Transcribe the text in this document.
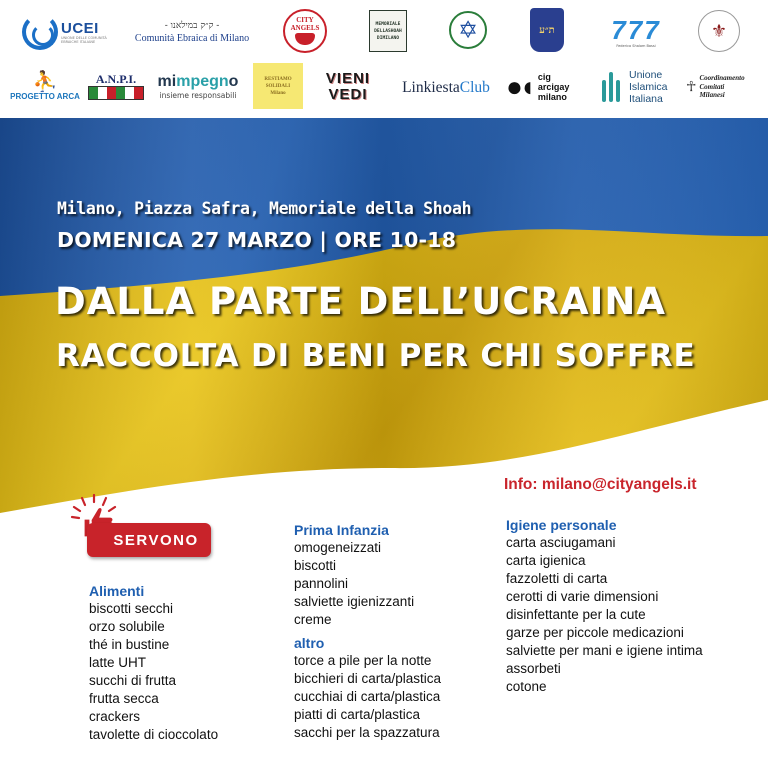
UCEI
UNIONE DELLE COMUNITÀ EBRAICHE ITALIANE
- ק״ק במילאנו -
Comunità Ebraica di Milano
CITY ANGELS	MEMORIALE
DELLASHOAH
DIMILANO ✡	ת״ע 777
Federico Shalom Bassi
⚜
⛹
PROGETTO ARCA
A.N.P.I. mimpegno
insieme responsabili
RESTIAMO
SOLIDALI
Milano
VIENI
VEDI LinkiestaClub ●◖ cig
arcigay
milano
Unione
Islamica
Italiana
☥
Coordinamento
Comitati
Milanesi
Milano, Piazza Safra, Memoriale della Shoah
DOMENICA 27 MARZO | ORE 10-18
DALLA PARTE DELL’UCRAINA
RACCOLTA DI BENI PER CHI SOFFRE
Info: milano@cityangels.it
SERVONO
Alimenti
biscotti secchi
orzo solubile
thé in bustine
latte UHT
succhi di frutta
frutta secca
crackers
tavolette di cioccolato
Prima Infanzia
omogeneizzati
biscotti
pannolini
salviette igienizzanti
creme
altro
torce a pile per la notte
bicchieri di carta/plastica
cucchiai di carta/plastica
piatti di carta/plastica
sacchi per la spazzatura
Igiene personale
carta asciugamani
carta igienica
fazzoletti di carta
cerotti di varie dimensioni
disinfettante per la cute
garze per piccole medicazioni
salviette per mani e igiene intima
assorbeti
cotone
